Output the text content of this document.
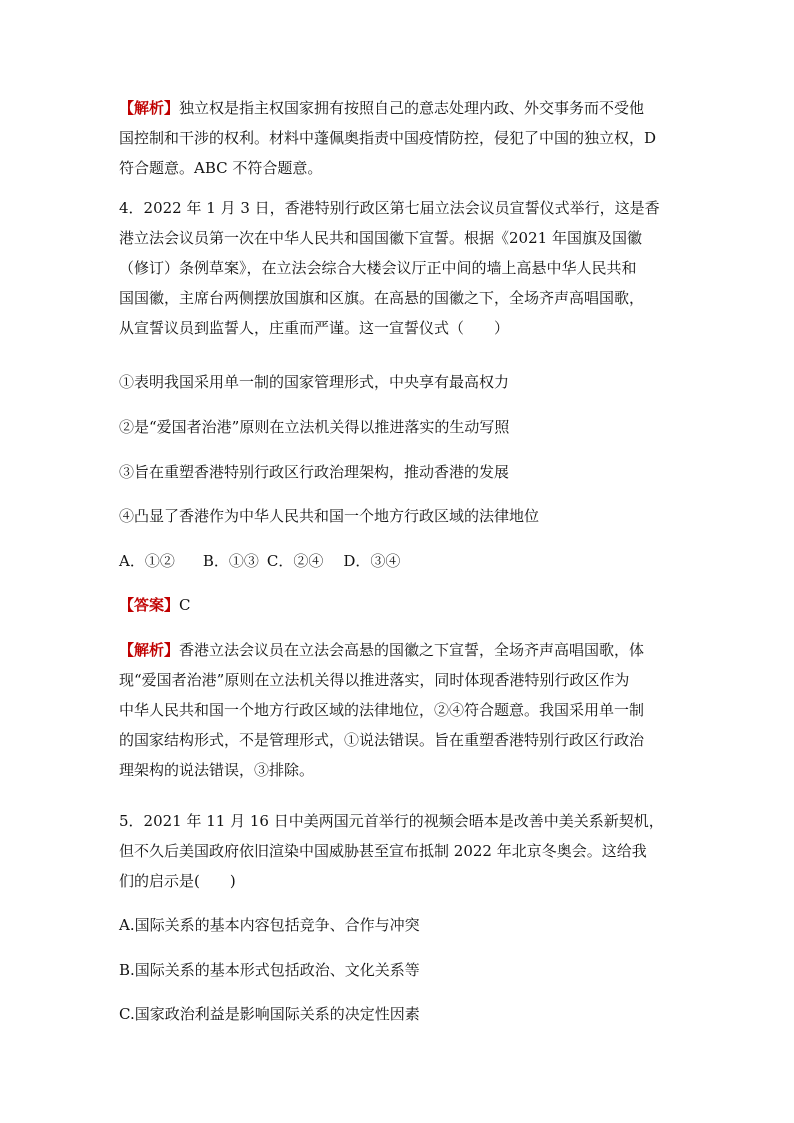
【解析】独立权是指主权国家拥有按照自己的意志处理内政、外交事务而不受他
国控制和干涉的权利。材料中蓬佩奥指责中国疫情防控，侵犯了中国的独立权，D
符合题意。ABC 不符合题意。
4．2022 年 1 月 3 日，香港特别行政区第七届立法会议员宣誓仪式举行，这是香
港立法会议员第一次在中华人民共和国国徽下宣誓。根据《2021 年国旗及国徽
（修订）条例草案》，在立法会综合大楼会议厅正中间的墙上高悬中华人民共和
国国徽，主席台两侧摆放国旗和区旗。在高悬的国徽之下，全场齐声高唱国歌，
从宣誓议员到监誓人，庄重而严谨。这一宣誓仪式（　　）
①表明我国采用单一制的国家管理形式，中央享有最高权力
②是“爱国者治港”原则在立法机关得以推进落实的生动写照
③旨在重塑香港特别行政区行政治理架构，推动香港的发展
④凸显了香港作为中华人民共和国一个地方行政区域的法律地位
A．①② B．①③ C．②④ D．③④
【答案】C
【解析】香港立法会议员在立法会高悬的国徽之下宣誓，全场齐声高唱国歌，体
现“爱国者治港”原则在立法机关得以推进落实，同时体现香港特别行政区作为
中华人民共和国一个地方行政区域的法律地位，②④符合题意。我国采用单一制
的国家结构形式，不是管理形式，①说法错误。旨在重塑香港特别行政区行政治
理架构的说法错误，③排除。
5．2021 年 11 月 16 日中美两国元首举行的视频会晤本是改善中美关系新契机，
但不久后美国政府依旧渲染中国威胁甚至宣布抵制 2022 年北京冬奥会。这给我
们的启示是(　　)
A.国际关系的基本内容包括竞争、合作与冲突
B.国际关系的基本形式包括政治、文化关系等
C.国家政治利益是影响国际关系的决定性因素
